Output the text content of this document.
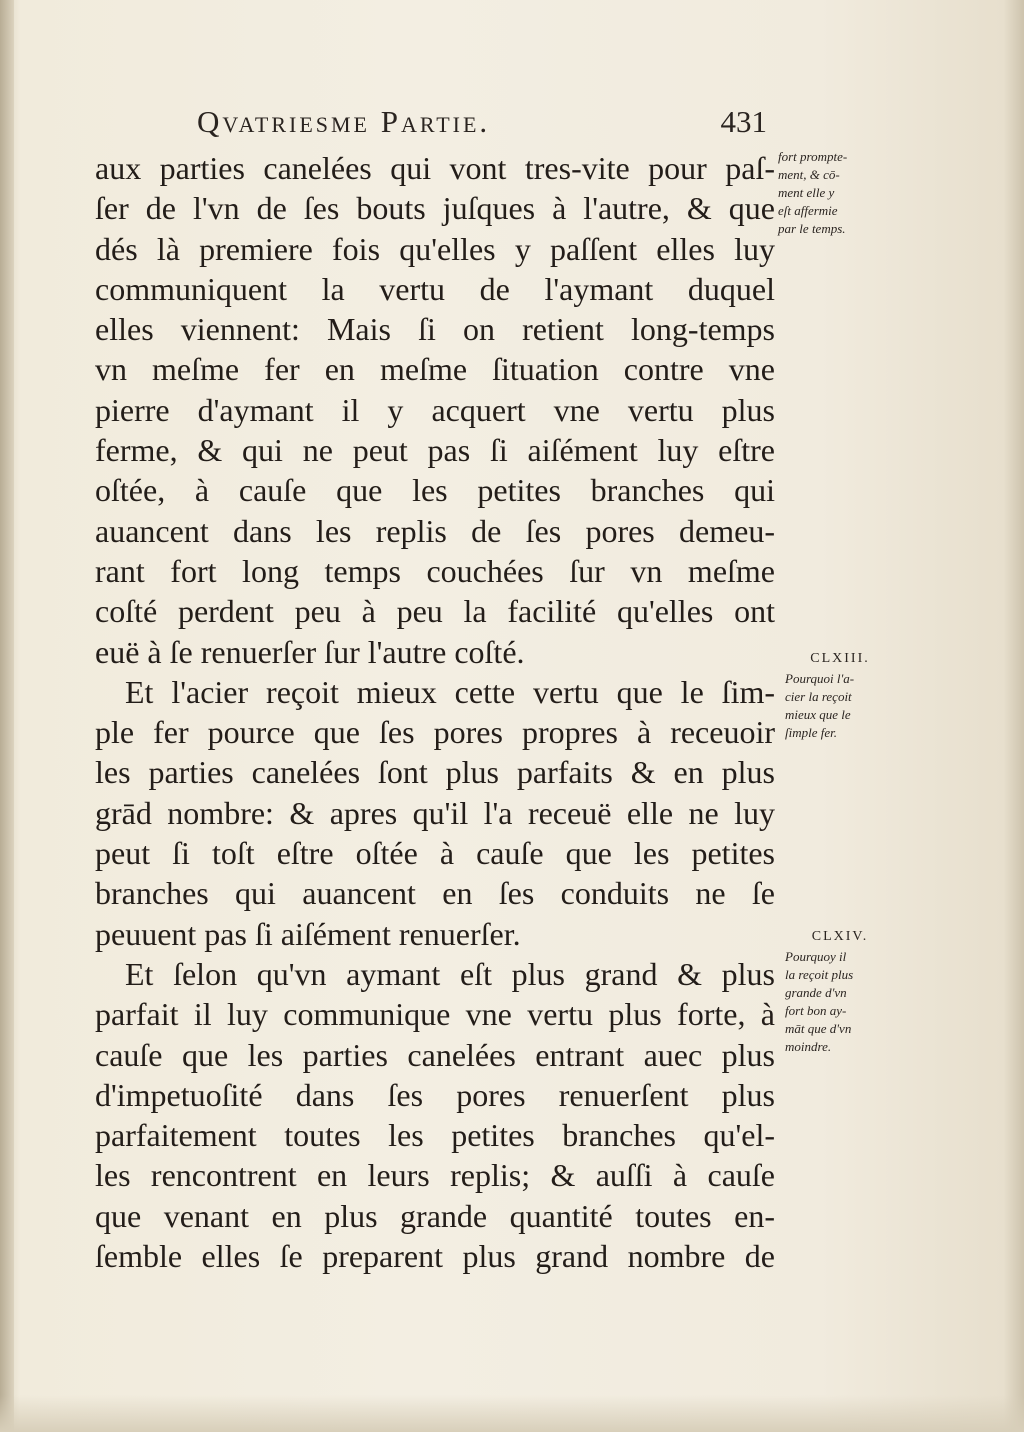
Qvatriesme Partie.	431
aux parties canelées qui vont tres-vite pour paſ-
ſer de l'vn de ſes bouts juſques à l'autre, & que
dés là premiere fois qu'elles y paſſent elles luy
communiquent la vertu de l'aymant duquel
elles viennent: Mais ſi on retient long-temps
vn meſme fer en meſme ſituation contre vne
pierre d'aymant il y acquert vne vertu plus
ferme, & qui ne peut pas ſi aiſément luy eſtre
oſtée, à cauſe que les petites branches qui
auancent dans les replis de ſes pores demeu-
rant fort long temps couchées ſur vn meſme
coſté perdent peu à peu la facilité qu'elles ont
euë à ſe renuerſer ſur l'autre coſté.
Et l'acier reçoit mieux cette vertu que le ſim-
ple fer pource que ſes pores propres à receuoir
les parties canelées ſont plus parfaits & en plus
grād nombre: & apres qu'il l'a receuë elle ne luy
peut ſi toſt eſtre oſtée à cauſe que les petites
branches qui auancent en ſes conduits ne ſe
peuuent pas ſi aiſément renuerſer.
Et ſelon qu'vn aymant eſt plus grand & plus
parfait il luy communique vne vertu plus forte, à
cauſe que les parties canelées entrant auec plus
d'impetuoſité dans ſes pores renuerſent plus
parfaitement toutes les petites branches qu'el-
les rencontrent en leurs replis; & auſſi à cauſe
que venant en plus grande quantité toutes en-
ſemble elles ſe preparent plus grand nombre de
fort prompte-
ment, & cō-
ment elle y
eſt affermie
par le temps.
CLXIII.
Pourquoi l'a-
cier la reçoit
mieux que le
ſimple fer.
CLXIV.
Pourquoy il
la reçoit plus
grande d'vn
fort bon ay-
māt que d'vn
moindre.
